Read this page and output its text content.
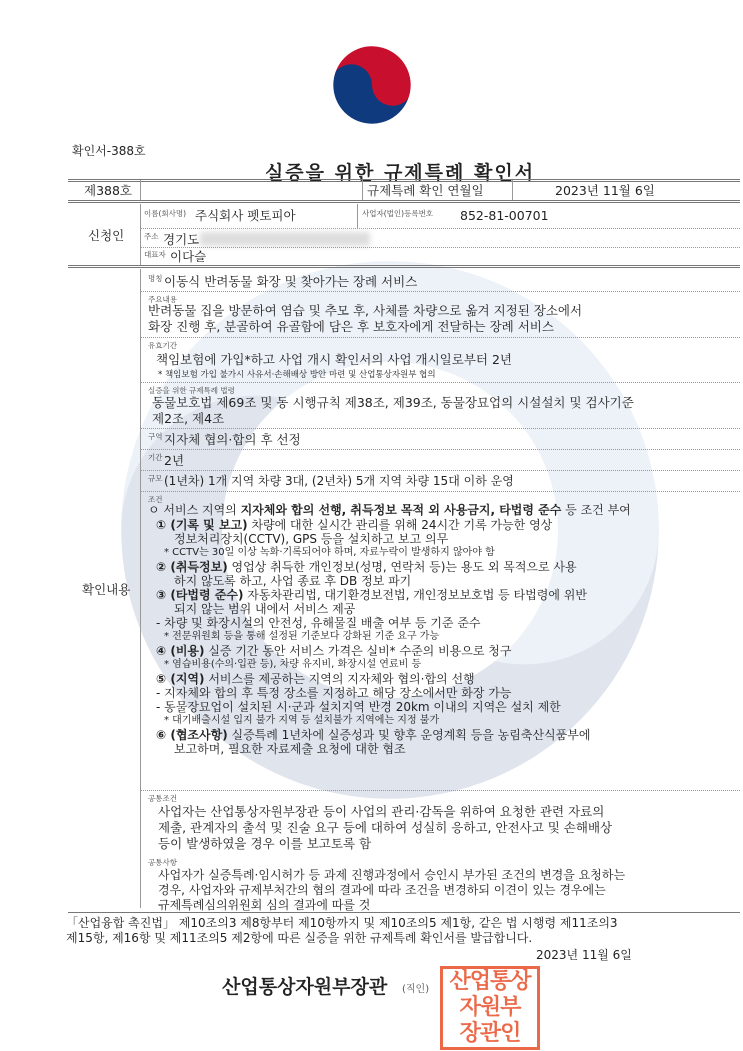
확인서-388호
실증을 위한 규제특례 확인서
제388호	규제특례 확인 연월일	2023년 11월 6일
신청인
이름(회사명) 주식회사 펫토피아	사업자(법인)등록번호 852-81-00701
주소 경기도
대표자 이다슬
확인내용
명칭 이동식 반려동물 화장 및 찾아가는 장례 서비스
주요내용
반려동물 집을 방문하여 염습 및 추모 후, 사체를 차량으로 옮겨 지정된 장소에서
화장 진행 후, 분골하여 유골함에 담은 후 보호자에게 전달하는 장례 서비스
유효기간
책임보험에 가입*하고 사업 개시 확인서의 사업 개시일로부터 2년
* 책임보험 가입 불가시 사유서·손해배상 방안 마련 및 산업통상자원부 협의
실증을 위한 규제특례 법령
동물보호법 제69조 및 동 시행규칙 제38조, 제39조, 동물장묘업의 시설설치 및 검사기준
제2조, 제4조
구역 지자체 협의·합의 후 선정
기간 2년
규모 (1년차) 1개 지역 차량 3대, (2년차) 5개 지역 차량 15대 이하 운영
조건
ㅇ 서비스 지역의 지자체와 합의 선행, 취득정보 목적 외 사용금지, 타법령 준수 등 조건 부여
① (기록 및 보고) 차량에 대한 실시간 관리를 위해 24시간 기록 가능한 영상
정보처리장치(CCTV), GPS 등을 설치하고 보고 의무
* CCTV는 30일 이상 녹화·기록되어야 하며, 자료누락이 발생하지 않아야 함
② (취득정보) 영업상 취득한 개인정보(성명, 연락처 등)는 용도 외 목적으로 사용
하지 않도록 하고, 사업 종료 후 DB 정보 파기
③ (타법령 준수) 자동차관리법, 대기환경보전법, 개인정보보호법 등 타법령에 위반
되지 않는 범위 내에서 서비스 제공
- 차량 및 화장시설의 안전성, 유해물질 배출 여부 등 기준 준수
* 전문위원회 등을 통해 설정된 기준보다 강화된 기준 요구 가능
④ (비용) 실증 기간 동안 서비스 가격은 실비* 수준의 비용으로 청구
* 염습비용(수의·입관 등), 차량 유지비, 화장시설 연료비 등
⑤ (지역) 서비스를 제공하는 지역의 지자체와 협의·합의 선행
- 지자체와 합의 후 특정 장소를 지정하고 해당 장소에서만 화장 가능
- 동물장묘업이 설치된 시·군과 설치지역 반경 20km 이내의 지역은 설치 제한
* 대기배출시설 입지 불가 지역 등 설치불가 지역에는 지정 불가
⑥ (협조사항) 실증특례 1년차에 실증성과 및 향후 운영계획 등을 농림축산식품부에
보고하며, 필요한 자료제출 요청에 대한 협조
공통조건
사업자는 산업통상자원부장관 등이 사업의 관리·감독을 위하여 요청한 관련 자료의
제출, 관계자의 출석 및 진술 요구 등에 대하여 성실히 응하고, 안전사고 및 손해배상
등이 발생하였을 경우 이를 보고토록 함
공통사항
사업자가 실증특례·임시허가 등 과제 진행과정에서 승인시 부가된 조건의 변경을 요청하는
경우, 사업자와 규제부처간의 협의 결과에 따라 조건을 변경하되 이견이 있는 경우에는
규제특례심의위원회 심의 결과에 따를 것
「산업융합 촉진법」 제10조의3 제8항부터 제10항까지 및 제10조의5 제1항, 같은 법 시행령 제11조의3
제15항, 제16항 및 제11조의5 제2항에 따른 실증을 위한 규제특례 확인서를 발급합니다.
2023년 11월 6일
산업통상자원부장관 (직인) 산업통상
자원부
장관인
